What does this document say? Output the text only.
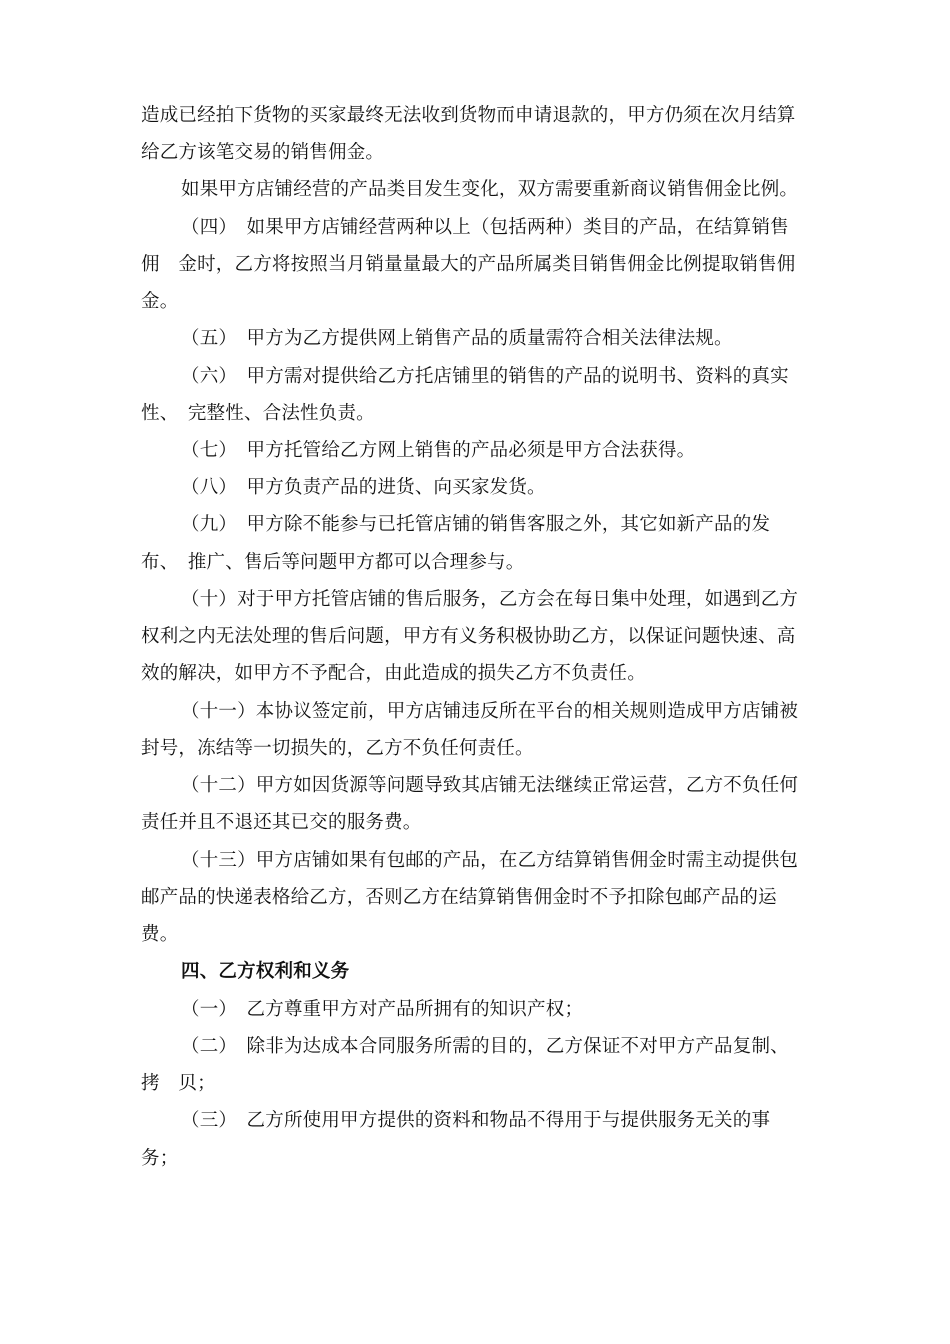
造成已经拍下货物的买家最终无法收到货物而申请退款的，甲方仍须在次月结算
给乙方该笔交易的销售佣金。
如果甲方店铺经营的产品类目发生变化，双方需要重新商议销售佣金比例。
（四）　如果甲方店铺经营两种以上（包括两种）类目的产品，在结算销售
佣　金时，乙方将按照当月销量量最大的产品所属类目销售佣金比例提取销售佣
金。
（五）　甲方为乙方提供网上销售产品的质量需符合相关法律法规。
（六）　甲方需对提供给乙方托店铺里的销售的产品的说明书、资料的真实
性、　完整性、合法性负责。
（七）　甲方托管给乙方网上销售的产品必须是甲方合法获得。
（八）　甲方负责产品的进货、向买家发货。
（九）　甲方除不能参与已托管店铺的销售客服之外，其它如新产品的发
布、　推广、售后等问题甲方都可以合理参与。
（十）对于甲方托管店铺的售后服务，乙方会在每日集中处理，如遇到乙方
权利之内无法处理的售后问题，甲方有义务积极协助乙方，以保证问题快速、高
效的解决，如甲方不予配合，由此造成的损失乙方不负责任。
（十一）本协议签定前，甲方店铺违反所在平台的相关规则造成甲方店铺被
封号，冻结等一切损失的，乙方不负任何责任。
（十二）甲方如因货源等问题导致其店铺无法继续正常运营，乙方不负任何
责任并且不退还其已交的服务费。
（十三）甲方店铺如果有包邮的产品，在乙方结算销售佣金时需主动提供包
邮产品的快递表格给乙方，否则乙方在结算销售佣金时不予扣除包邮产品的运
费。
四、乙方权利和义务
（一）　乙方尊重甲方对产品所拥有的知识产权；
（二）　除非为达成本合同服务所需的目的，乙方保证不对甲方产品复制、
拷　贝；
（三）　乙方所使用甲方提供的资料和物品不得用于与提供服务无关的事
务；
